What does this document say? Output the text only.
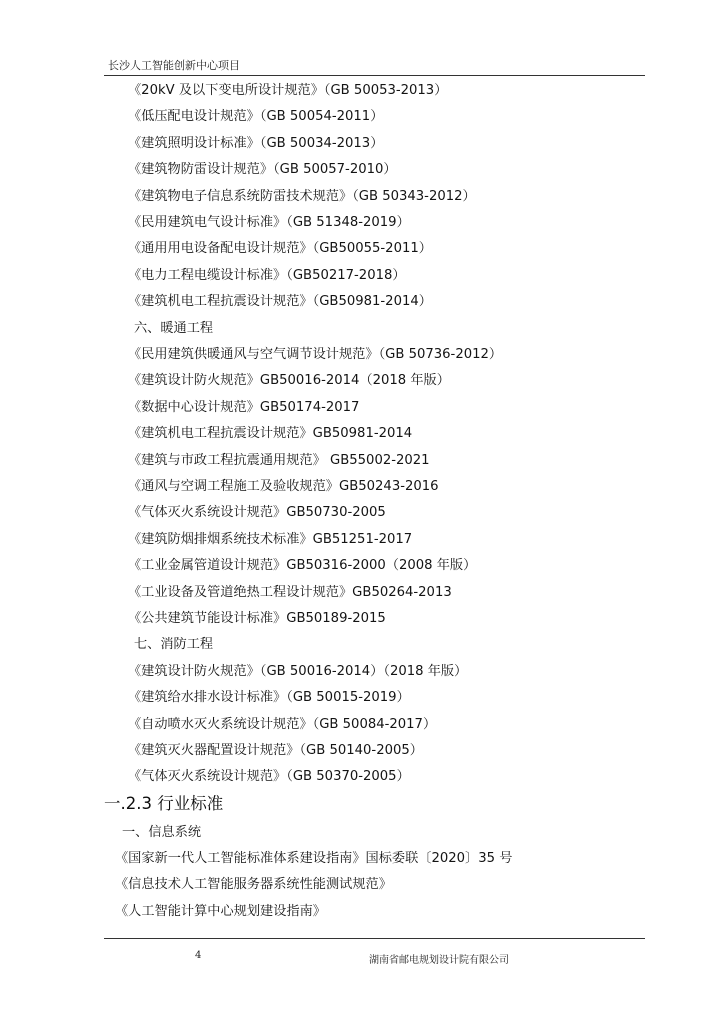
长沙人工智能创新中心项目
《20kV 及以下变电所设计规范》（GB 50053-2013）
《低压配电设计规范》（GB 50054-2011）
《建筑照明设计标准》（GB 50034-2013）
《建筑物防雷设计规范》（GB 50057-2010）
《建筑物电子信息系统防雷技术规范》（GB 50343-2012）
《民用建筑电气设计标准》（GB 51348-2019）
《通用用电设备配电设计规范》（GB50055-2011）
《电力工程电缆设计标准》（GB50217-2018）
《建筑机电工程抗震设计规范》（GB50981-2014）
六、暖通工程
《民用建筑供暖通风与空气调节设计规范》（GB 50736-2012）
《建筑设计防火规范》GB50016-2014（2018 年版）
《数据中心设计规范》GB50174-2017
《建筑机电工程抗震设计规范》GB50981-2014
《建筑与市政工程抗震通用规范》 GB55002-2021
《通风与空调工程施工及验收规范》GB50243-2016
《气体灭火系统设计规范》GB50730-2005
《建筑防烟排烟系统技术标准》GB51251-2017
《工业金属管道设计规范》GB50316-2000（2008 年版）
《工业设备及管道绝热工程设计规范》GB50264-2013
《公共建筑节能设计标准》GB50189-2015
七、消防工程
《建筑设计防火规范》（GB 50016-2014）（2018 年版）
《建筑给水排水设计标准》（GB 50015-2019）
《自动喷水灭火系统设计规范》（GB 50084-2017）
《建筑灭火器配置设计规范》（GB 50140-2005）
《气体灭火系统设计规范》（GB 50370-2005）
一.2.3 行业标准
一、信息系统
《国家新一代人工智能标准体系建设指南》国标委联〔2020〕35 号
《信息技术人工智能服务器系统性能测试规范》
《人工智能计算中心规划建设指南》
4	湖南省邮电规划设计院有限公司
